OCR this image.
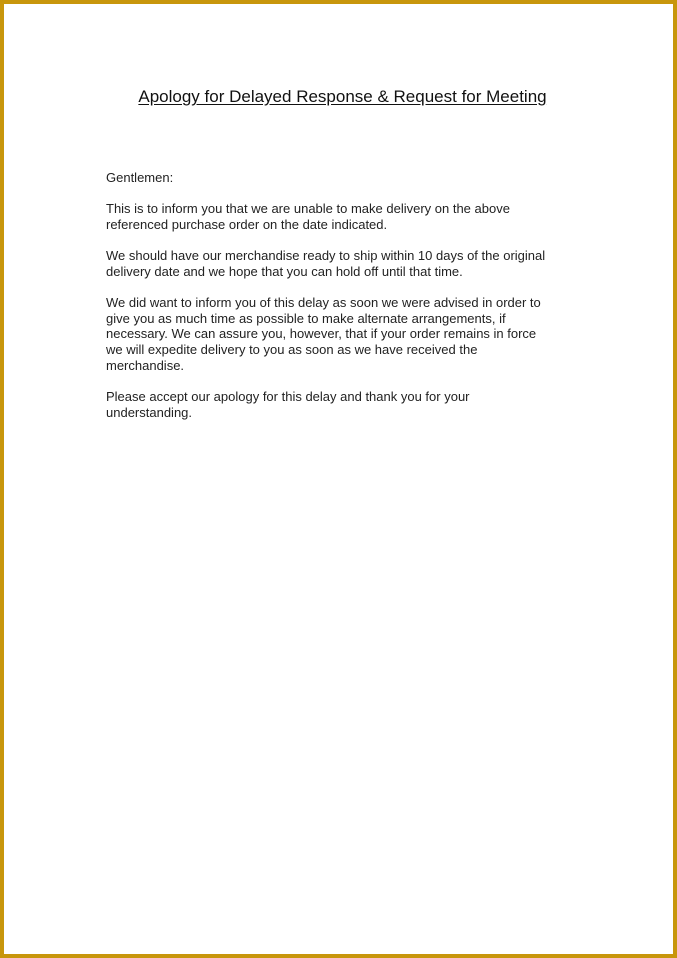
Apology for Delayed Response & Request for Meeting

Gentlemen:

This is to inform you that we are unable to make delivery on the above
referenced purchase order on the date indicated.

We should have our merchandise ready to ship within 10 days of the original
delivery date and we hope that you can hold off until that time.

We did want to inform you of this delay as soon we were advised in order to
give you as much time as possible to make alternate arrangements, if
necessary. We can assure you, however, that if your order remains in force
we will expedite delivery to you as soon as we have received the
merchandise.

Please accept our apology for this delay and thank you for your
understanding.
